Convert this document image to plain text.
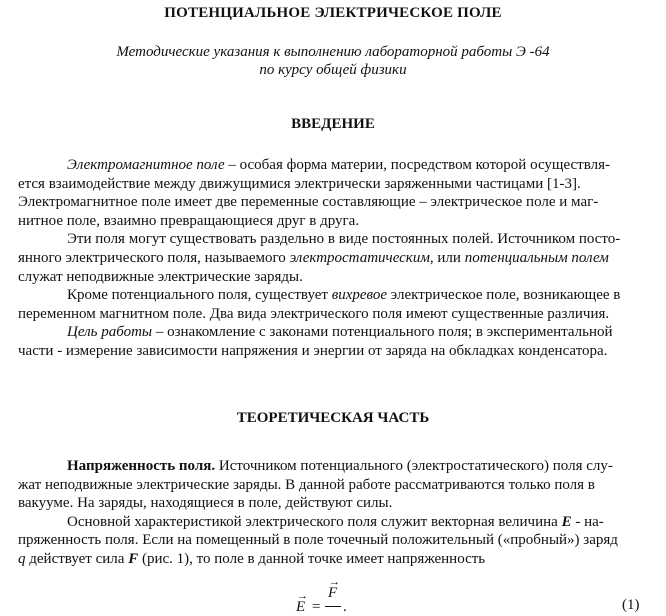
ПОТЕНЦИАЛЬНОЕ ЭЛЕКТРИЧЕСКОЕ ПОЛЕ
Методические указания к выполнению лабораторной работы Э -64
по курсу общей физики
ВВЕДЕНИЕ
Электромагнитное поле – особая форма материи, посредством которой осуществля-
ется взаимодействие между движущимися электрически заряженными частицами [1-3].
Электромагнитное поле имеет две переменные составляющие – электрическое поле и маг-
нитное поле, взаимно превращающиеся друг в друга.
Эти поля могут существовать раздельно в виде постоянных полей. Источником посто-
янного электрического поля, называемого электростатическим, или потенциальным полем
служат неподвижные электрические заряды.
Кроме потенциального поля, существует вихревое электрическое поле, возникающее в
переменном магнитном поле. Два вида электрического поля имеют существенные различия.
Цель работы – ознакомление с законами потенциального поля; в экспериментальной
части - измерение зависимости напряжения и энергии от заряда на обкладках конденсатора.
ТЕОРЕТИЧЕСКАЯ ЧАСТЬ
Напряженность поля. Источником потенциального (электростатического) поля слу-
жат неподвижные электрические заряды. В данной работе рассматриваются только поля в
вакууме. На заряды, находящиеся в поле, действуют силы.
Основной характеристикой электрического поля служит векторная величина E - на-
пряженность поля. Если на помещенный в поле точечный положительный («пробный») заряд
q действует сила F (рис. 1), то поле в данной точке имеет напряженность
→
E =
→
F
.	(1)
